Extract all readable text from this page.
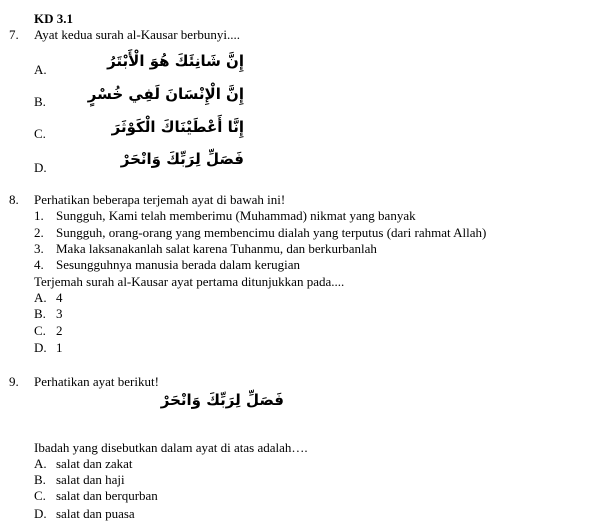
KD 3.1
7. Ayat kedua surah al-Kausar berbunyi....
A.	إِنَّ شَانِئَكَ هُوَ الْأَبْتَرُ
B.	إِنَّ الْإِنْسَانَ لَفِي خُسْرٍ
C.	إِنَّا أَعْطَيْنَاكَ الْكَوْثَرَ
D.	فَصَلِّ لِرَبِّكَ وَانْحَرْ
8. Perhatikan beberapa terjemah ayat di bawah ini!
1. Sungguh, Kami telah memberimu (Muhammad) nikmat yang banyak
2. Sungguh, orang-orang yang membencimu dialah yang terputus (dari rahmat Allah)
3. Maka laksanakanlah salat karena Tuhanmu, dan berkurbanlah
4. Sesungguhnya manusia berada dalam kerugian
Terjemah surah al-Kausar ayat pertama ditunjukkan pada....
A. 4
B. 3
C. 2
D. 1
9. Perhatikan ayat berikut!
فَصَلِّ لِرَبِّكَ وَانْحَرْ
Ibadah yang disebutkan dalam ayat di atas adalah….
A. salat dan zakat
B. salat dan haji
C. salat dan berqurban
D. salat dan puasa
